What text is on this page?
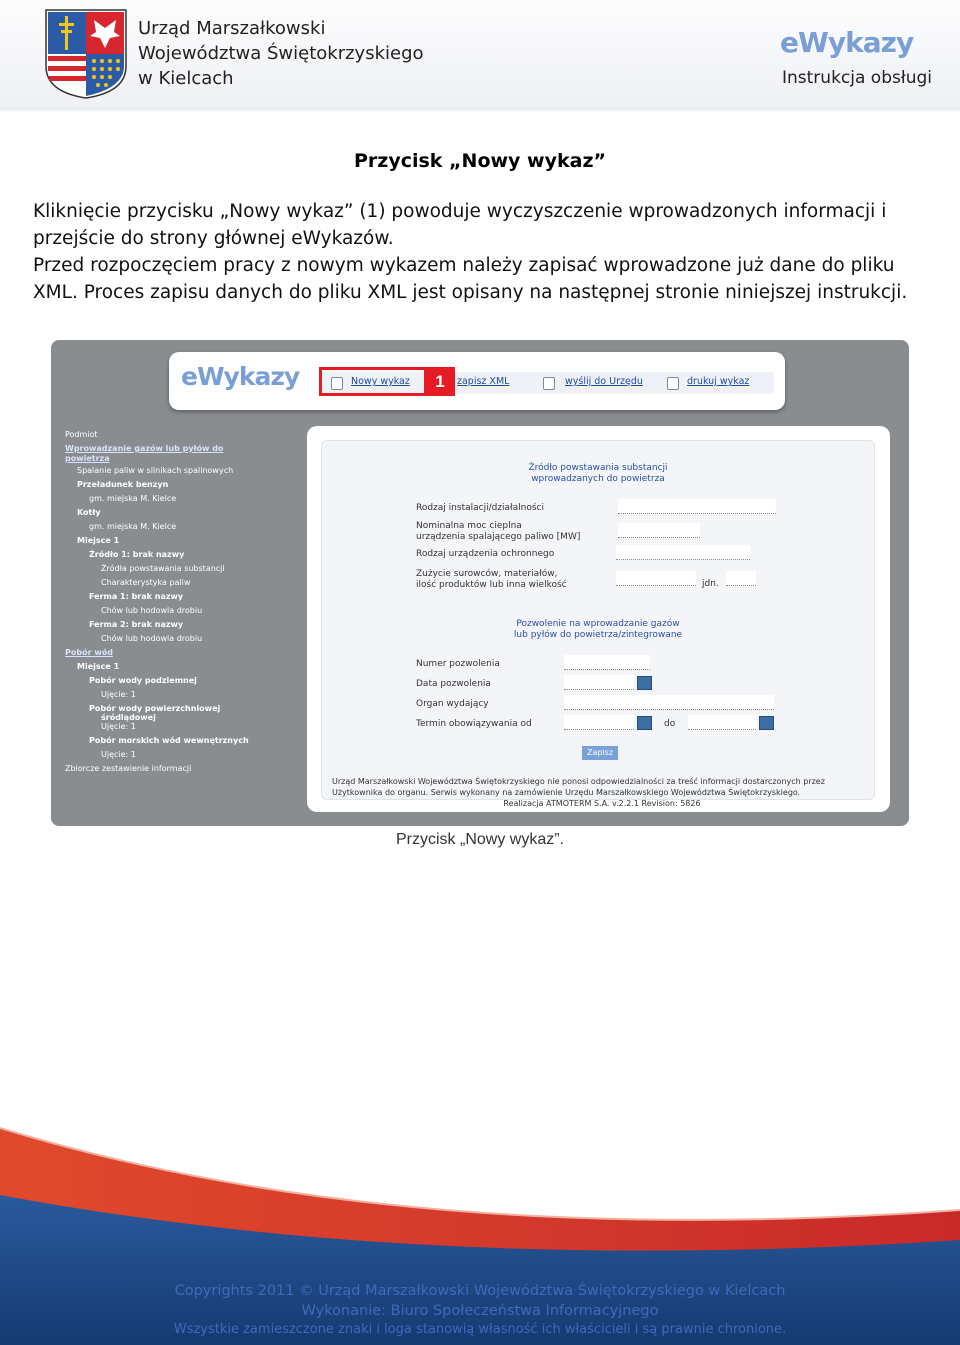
Urząd Marszałkowski
Województwa Świętokrzyskiego
w Kielcach
eWykazy
Instrukcja obsługi
Przycisk „Nowy wykaz”
Kliknięcie przycisku „Nowy wykaz” (1) powoduje wyczyszczenie wprowadzonych informacji i przejście do strony głównej eWykazów.
Przed rozpoczęciem pracy z nowym wykazem należy zapisać wprowadzone już dane do pliku XML. Proces zapisu danych do pliku XML jest opisany na następnej stronie niniejszej instrukcji.
eWykazy	Nowy wykaz	zapisz XML	wyślij do Urzędu	drukuj wykaz
1
Podmiot
Wprowadzanie gazów lub pyłów do
powietrza
Spalanie paliw w silnikach spalinowych
Przeładunek benzyn
gm. miejska M. Kielce
Kotły
gm. miejska M. Kielce
Miejsce 1
Źródło 1: brak nazwy
Źródła powstawania substancji
Charakterystyka paliw
Ferma 1: brak nazwy
Chów lub hodowla drobiu
Ferma 2: brak nazwy
Chów lub hodowla drobiu
Pobór wód
Miejsce 1
Pobór wody podziemnej
Ujęcie: 1
Pobór wody powierzchniowej
śródlądowej
Ujęcie: 1
Pobór morskich wód wewnętrznych
Ujęcie: 1
Zbiorcze zestawienie informacji
Źródło powstawania substancji
wprowadzanych do powietrza
Rodzaj instalacji/działalności
Nominalna moc cieplna
urządzenia spalającego paliwo [MW]
Rodzaj urządzenia ochronnego
Zużycie surowców, materiałów,
ilość produktów lub inna wielkość	jdn.
Pozwolenie na wprowadzanie gazów
lub pyłów do powietrza/zintegrowane
Numer pozwolenia
Data pozwolenia
Organ wydający
Termin obowiązywania od	do
Zapisz
Urząd Marszałkowski Województwa Świętokrzyskiego nie ponosi odpowiedzialności za treść informacji dostarczonych przez
Użytkownika do organu. Serwis wykonany na zamówienie Urzędu Marszałkowskiego Województwa Świętokrzyskiego.
Realizacja ATMOTERM S.A. v.2.2.1 Revision: 5826
Przycisk „Nowy wykaz”.
Copyrights 2011 © Urząd Marszałkowski Województwa Świętokrzyskiego w Kielcach
Wykonanie: Biuro Społeczeństwa Informacyjnego
Wszystkie zamieszczone znaki i loga stanowią własność ich właścicieli i są prawnie chronione.
